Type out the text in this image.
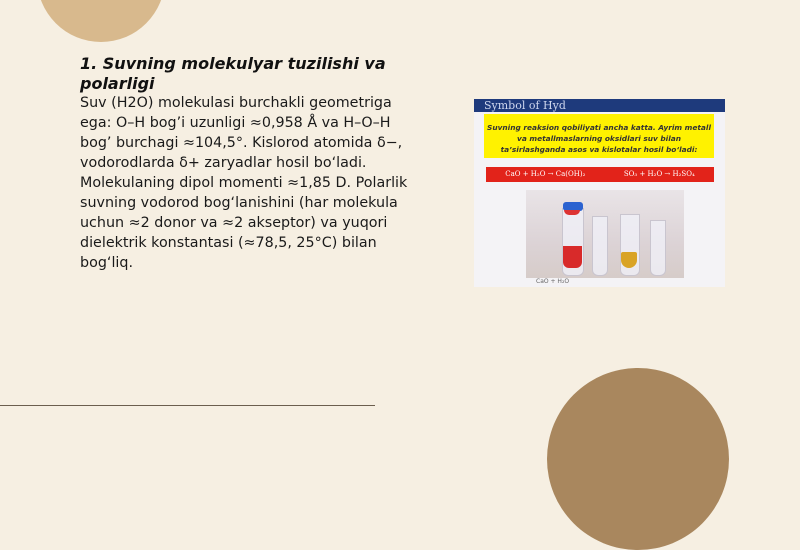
1. Suvning molekulyar tuzilishi va polarligi

Suv (H2O) molekulasi burchakli geometriga ega: O–H bog’i uzunligi ≈0,958 Å va H–O–H bog’ burchagi ≈104,5°. Kislorod atomida δ−, vodorodlarda δ+ zaryadlar hosil bo‘ladi. Molekulaning dipol momenti ≈1,85 D. Polarlik suvning vodorod bog‘lanishini (har molekula uchun ≈2 donor va ≈2 akseptor) va yuqori dielektrik konstantasi (≈78,5, 25°C) bilan bog‘liq.

Symbol of Hyd
Suvning reaksion qobiliyati ancha katta. Ayrim metall va metallmaslarning oksidlari suv bilan ta’sirlashganda asos va kislotalar hosil bo‘ladi:
CaO + H₂O → Ca(OH)₂	SO₃ + H₂O → H₂SO₄
CaO + H₂O
